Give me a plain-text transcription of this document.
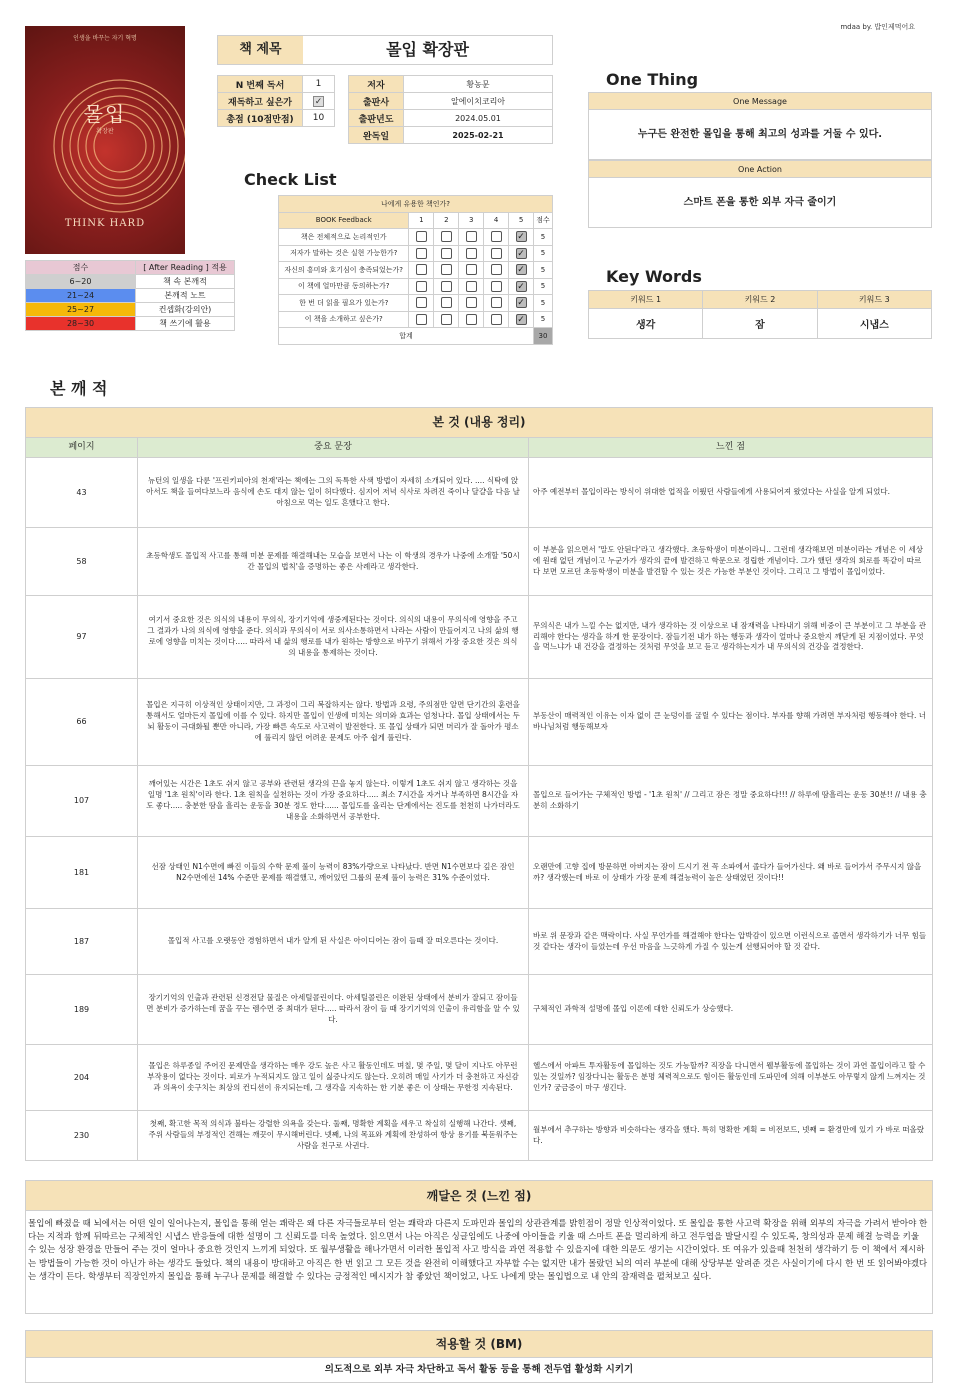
mdaa by. 밥인제먹어요
인생을 바꾸는 자기 혁명
몰입
확장판
THINK HARD
점수	[ After Reading ] 적용
6~20	책 속 본깨적
21~24	본깨적 노트
25~27	컨셉화(강의안)
28~30	책 쓰기에 활용
책 제목	몰입 확장판
N 번째 독서	1
재독하고 싶은가	✓
총점 (10점만점)	10
저자	황농문
출판사	알에이치코리아
출판년도	2024.05.01
완독일	2025-02-21
Check List
나에게 유용한 책인가?						
BOOK Feedback	1	2	3	4	5	점수
책은 전체적으로 논리적인가					✓	5
저자가 말하는 것은 실현 가능한가?					✓	5
자신의 흥미와 호기심이 충족되었는가?					✓	5
이 책에 얼마만큼 동의하는가?					✓	5
한 번 더 읽을 필요가 있는가?					✓	5
이 책을 소개하고 싶은가?					✓	5
합계						30
One Thing
One Message
누구든 완전한 몰입을 통해 최고의 성과를 거둘 수 있다.
One Action
스마트 폰을 통한 외부 자극 줄이기
Key Words
키워드 1	키워드 2	키워드 3
생각	잠	시냅스
본 깨 적
본 것 (내용 정리)		
페이지	중요 문장	느낀 점
43	뉴턴의 일생을 다룬 '프린키피아의 천재'라는 책에는 그의 독특한 사색 방법이 자세히 소개되어 있다. .... 식탁에 앉아서도 책을 들여다보느라 음식에 손도 대지 않는 일이 허다했다. 심지어 저녁 식사로 차려진 죽이나 달걀을 다음 날 아침으로 먹는 일도 흔했다고 한다.	아주 예전부터 몰입이라는 방식이 위대한 업적을 이뤘던 사람들에게 사용되어져 왔었다는 사실을 알게 되었다.
58	초등학생도 몰입적 사고를 통해 미분 문제를 해결해내는 모습을 보면서 나는 이 학생의 경우가 나중에 소개할 '50시간 몰입의 법칙'을 증명하는 좋은 사례라고 생각한다.	이 부분을 읽으면서 '말도 안된다'라고 생각했다. 초등학생이 미분이라니.. 그런데 생각해보면 미분이라는 개념은 이 세상에 원래 없던 개념이고 누군가가 생각의 끝에 발견하고 학문으로 정립한 개념이다. 그가 했던 생각의 회로를 똑같이 따르다 보면 모르던 초등학생이 미분을 발견할 수 있는 것은 가능한 부분인 것이다. 그리고 그 방법이 몰입이었다.
97	여기서 중요한 것은 의식의 내용이 무의식, 장기기억에 생중계된다는 것이다. 의식의 내용이 무의식에 영향을 주고 그 결과가 나의 의식에 영향을 준다. 의식과 무의식이 서로 의사소통하면서 나라는 사람이 만들어지고 나의 삶의 행로에 영향을 미치는 것이다..... 따라서 내 삶의 행로를 내가 원하는 방향으로 바꾸기 위해서 가장 중요한 것은 의식의 내용을 통제하는 것이다.	무의식은 내가 느낄 수는 없지만, 내가 생각하는 것 이상으로 내 잠재력을 나타내기 위해 비중이 큰 부분이고 그 부분을 관리해야 한다는 생각을 하게 한 문장이다. 잠들기전 내가 하는 행동과 생각이 얼마나 중요한지 깨닫게 된 지점이었다. 무엇을 먹느냐가 내 건강을 결정하는 것처럼 무엇을 보고 듣고 생각하는지가 내 무의식의 건강을 결정한다.
66	몰입은 지극히 이상적인 상태이지만, 그 과정이 그리 복잡하지는 않다. 방법과 요령, 주의점만 알면 단기간의 훈련을 통해서도 얼마든지 몰입에 이를 수 있다. 하지만 몰입이 인생에 미치는 의미와 효과는 엄청나다. 몰입 상태에서는 두뇌 활동이 극대화될 뿐만 아니라, 가장 빠른 속도로 사고력이 발전한다. 또 몰입 상태가 되면 머리가 잘 돌아가 평소에 풀리지 않던 어려운 문제도 아주 쉽게 풀린다.	부동산이 매력적인 이유는 이자 없이 큰 눈덩이를 굴릴 수 있다는 점이다. 부자를 향해 가려면 부자처럼 행동해야 한다. 너바나님처럼 행동해보자
107	깨어있는 시간은 1초도 쉬지 않고 공부와 관련된 생각의 끈을 놓지 않는다. 이렇게 1초도 쉬지 않고 생각하는 것을 일명 '1초 원칙'이라 한다. 1초 원칙을 실천하는 것이 가장 중요하다..... 최소 7시간을 자거나 부족하면 8시간을 자도 좋다..... 충분한 땀을 흘리는 운동을 30분 정도 한다...... 몰입도를 올리는 단계에서는 진도를 천천히 나가더라도 내용을 소화하면서 공부한다.	몰입으로 들어가는 구체적인 방법 - '1초 원칙' // 그리고 잠은 정말 중요하다!!! // 하루에 땀흘리는 운동 30분!! // 내용 충분히 소화하기
181	선잠 상태인 N1수면에 빠진 이들의 수학 문제 풀이 능력이 83%가량으로 나타났다. 반면 N1수면보다 깊은 잠인 N2수면에선 14% 수준만 문제를 해결했고, 깨어있던 그룹의 문제 풀이 능력은 31% 수준이었다.	오랜만에 고향 집에 방문하면 아버지는 잠이 드시기 전 꼭 소파에서 졸다가 들어가신다. 왜 바로 들어가서 주무시지 않을까? 생각했는데 바로 이 상태가 가장 문제 해결능력이 높은 상태였던 것이다!!
187	몰입적 사고를 오랫동안 경험하면서 내가 알게 된 사실은 아이디어는 잠이 들때 잘 떠오른다는 것이다.	바로 위 문장과 같은 맥락이다. 사실 무언가를 해결해야 한다는 압박감이 있으면 이런식으로 졸면서 생각하기가 너무 힘들 것 같다는 생각이 들었는데 우선 마음을 느긋하게 가질 수 있는게 선행되어야 할 것 같다.
189	장기기억의 인출과 관련된 신경전달 물질은 아세틸콜린이다. 아세틸콜린은 이완된 상태에서 분비가 잘되고 잠이들면 분비가 증가하는데 꿈을 꾸는 렘수면 중 최대가 된다..... 따라서 잠이 들 때 장기기억의 인출이 유리함을 알 수 있다.	구체적인 과학적 설명에 몰입 이론에 대한 신뢰도가 상승했다.
204	몰입은 하루종일 주어진 문제만을 생각하는 매우 강도 높은 사고 활동인데도 며칠, 몇 주일, 몇 달이 지나도 아무런 부작용이 없다는 것이다. 피로가 누적되지도 않고 일이 싫증나지도 않는다. 오히려 매일 사기가 더 충천하고 자신감과 의욕이 솟구치는 최상의 컨디션이 유지되는데, 그 생각을 지속하는 한 기분 좋은 이 상태는 무한정 지속된다.	헬스에서 아파트 투자활동에 몰입하는 것도 가능할까? 직장을 다니면서 웰부활동에 몰입하는 것이 과연 몰입이라고 할 수 있는 것일까? 임장다니는 활동은 분명 체력적으로도 힘이든 활동인데 도파민에 의해 이부분도 아무렇지 않게 느껴지는 것인가? 궁금증이 마구 생긴다.
230	첫째, 확고한 목적 의식과 불타는 강렬한 의욕을 갖는다. 둘째, 명확한 계획을 세우고 착실히 실행해 나간다. 셋째, 주위 사람들의 부정적인 견해는 깨끗이 무시해버린다. 넷째, 나의 목표와 계획에 찬성하여 항상 용기를 북돋워주는 사람을 친구로 사귄다.	월부에서 추구하는 방향과 비슷하다는 생각을 했다. 특히 명확한 계획 = 비전보드, 넷째 = 환경만에 있기 가 바로 떠올랐다.
깨달은 것 (느낀 점)
몰입에 빠졌을 때 뇌에서는 어떤 일이 일어나는지, 몰입을 통해 얻는 쾌락은 왜 다른 자극들로부터 얻는 쾌락과 다른지 도파민과 몰입의 상관관계를 밝힌점이 정말 인상적이었다. 또 몰입을 통한 사고력 확장을 위해 외부의 자극을 가려서 받아야 한다는 지적과 함께 뒤따르는 구체적인 시냅스 반응들에 대한 설명이 그 신뢰도를 더욱 높였다. 읽으면서 나는 아직은 싱글임에도 나중에 아이들을 키울 때 스마트 폰을 멀리하게 하고 전두엽을 발달시킬 수 있도록, 창의성과 문제 해결 능력을 키울 수 있는 성장 환경을 만들어 주는 것이 얼마나 중요한 것인지 느끼게 되었다. 또 월부생활을 해나가면서 이러한 몰입적 사고 방식을 과연 적용할 수 있을지에 대한 의문도 생기는 시간이었다. 또 여유가 있을때 천천히 생각하기 등 이 책에서 제시하는 방법들이 가능한 것이 아닌가 하는 생각도 들었다. 책의 내용이 방대하고 아직은 한 번 읽고 그 모든 것을 완전히 이해했다고 자부할 수는 없지만 내가 몰랐던 뇌의 여러 부분에 대해 상당부분 알려준 것은 사실이기에 다시 한 번 또 읽어봐야겠다는 생각이 든다. 학생부터 직장인까지 몰입을 통해 누구나 문제를 해결할 수 있다는 긍정적인 메시지가 참 좋았던 책이었고, 나도 나에게 맞는 몰입법으로 내 안의 잠재력을 펼쳐보고 싶다.
적용할 것 (BM)
의도적으로 외부 자극 차단하고 독서 활동 등을 통해 전두엽 활성화 시키기
